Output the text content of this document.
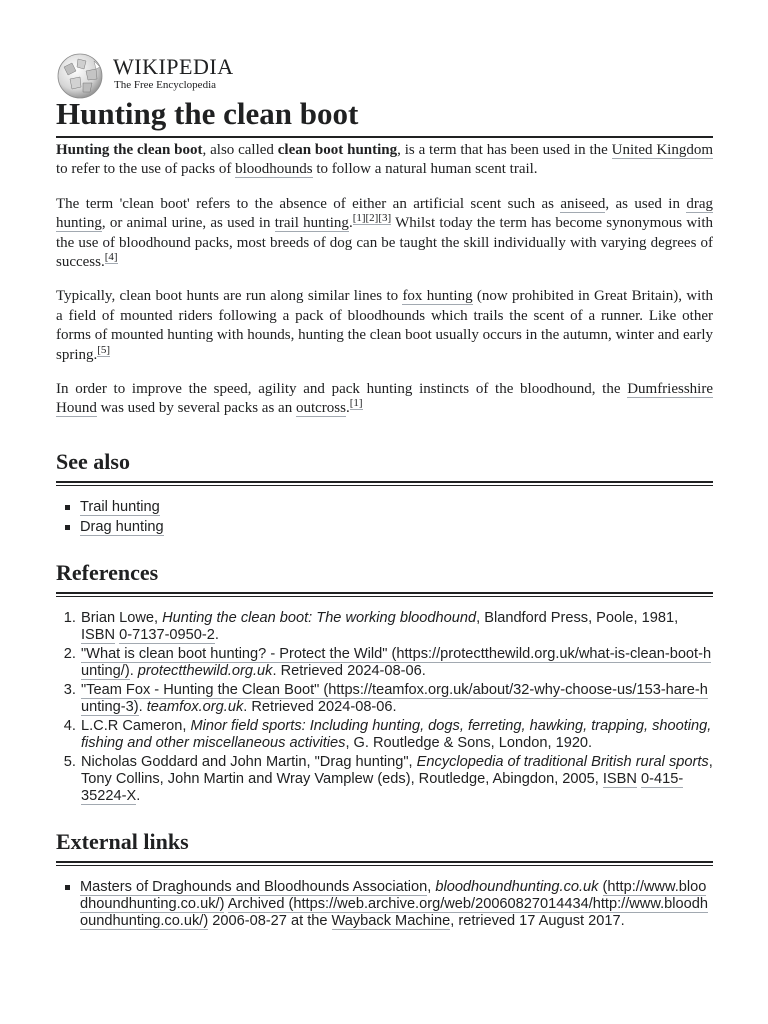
WIKIPEDIA
The Free Encyclopedia
Hunting the clean boot

Hunting the clean boot, also called clean boot hunting, is a term that has been used in the United Kingdom to refer to the use of packs of bloodhounds to follow a natural human scent trail.

The term 'clean boot' refers to the absence of either an artificial scent such as aniseed, as used in drag hunting, or animal urine, as used in trail hunting.[1][2][3] Whilst today the term has become synonymous with the use of bloodhound packs, most breeds of dog can be taught the skill individually with varying degrees of success.[4]

Typically, clean boot hunts are run along similar lines to fox hunting (now prohibited in Great Britain), with a field of mounted riders following a pack of bloodhounds which trails the scent of a runner. Like other forms of mounted hunting with hounds, hunting the clean boot usually occurs in the autumn, winter and early spring.[5]

In order to improve the speed, agility and pack hunting instincts of the bloodhound, the Dumfriesshire Hound was used by several packs as an outcross.[1]

See also
Trail hunting
Drag hunting
References
1. Brian Lowe, Hunting the clean boot: The working bloodhound, Blandford Press, Poole, 1981, ISBN 0-7137-0950-2.
2. "What is clean boot hunting? - Protect the Wild" (https://protectthewild.org.uk/what-is-clean-boot-hunting/). protectthewild.org.uk. Retrieved 2024-08-06.
3. "Team Fox - Hunting the Clean Boot" (https://teamfox.org.uk/about/32-why-choose-us/153-hare-hunting-3). teamfox.org.uk. Retrieved 2024-08-06.
4. L.C.R Cameron, Minor field sports: Including hunting, dogs, ferreting, hawking, trapping, shooting, fishing and other miscellaneous activities, G. Routledge & Sons, London, 1920.
5. Nicholas Goddard and John Martin, "Drag hunting", Encyclopedia of traditional British rural sports, Tony Collins, John Martin and Wray Vamplew (eds), Routledge, Abingdon, 2005, ISBN 0-415-35224-X.
External links
Masters of Draghounds and Bloodhounds Association, bloodhoundhunting.co.uk (http://www.bloodhoundhunting.co.uk/) Archived (https://web.archive.org/web/20060827014434/http://www.bloodhoundhunting.co.uk/) 2006-08-27 at the Wayback Machine, retrieved 17 August 2017.
